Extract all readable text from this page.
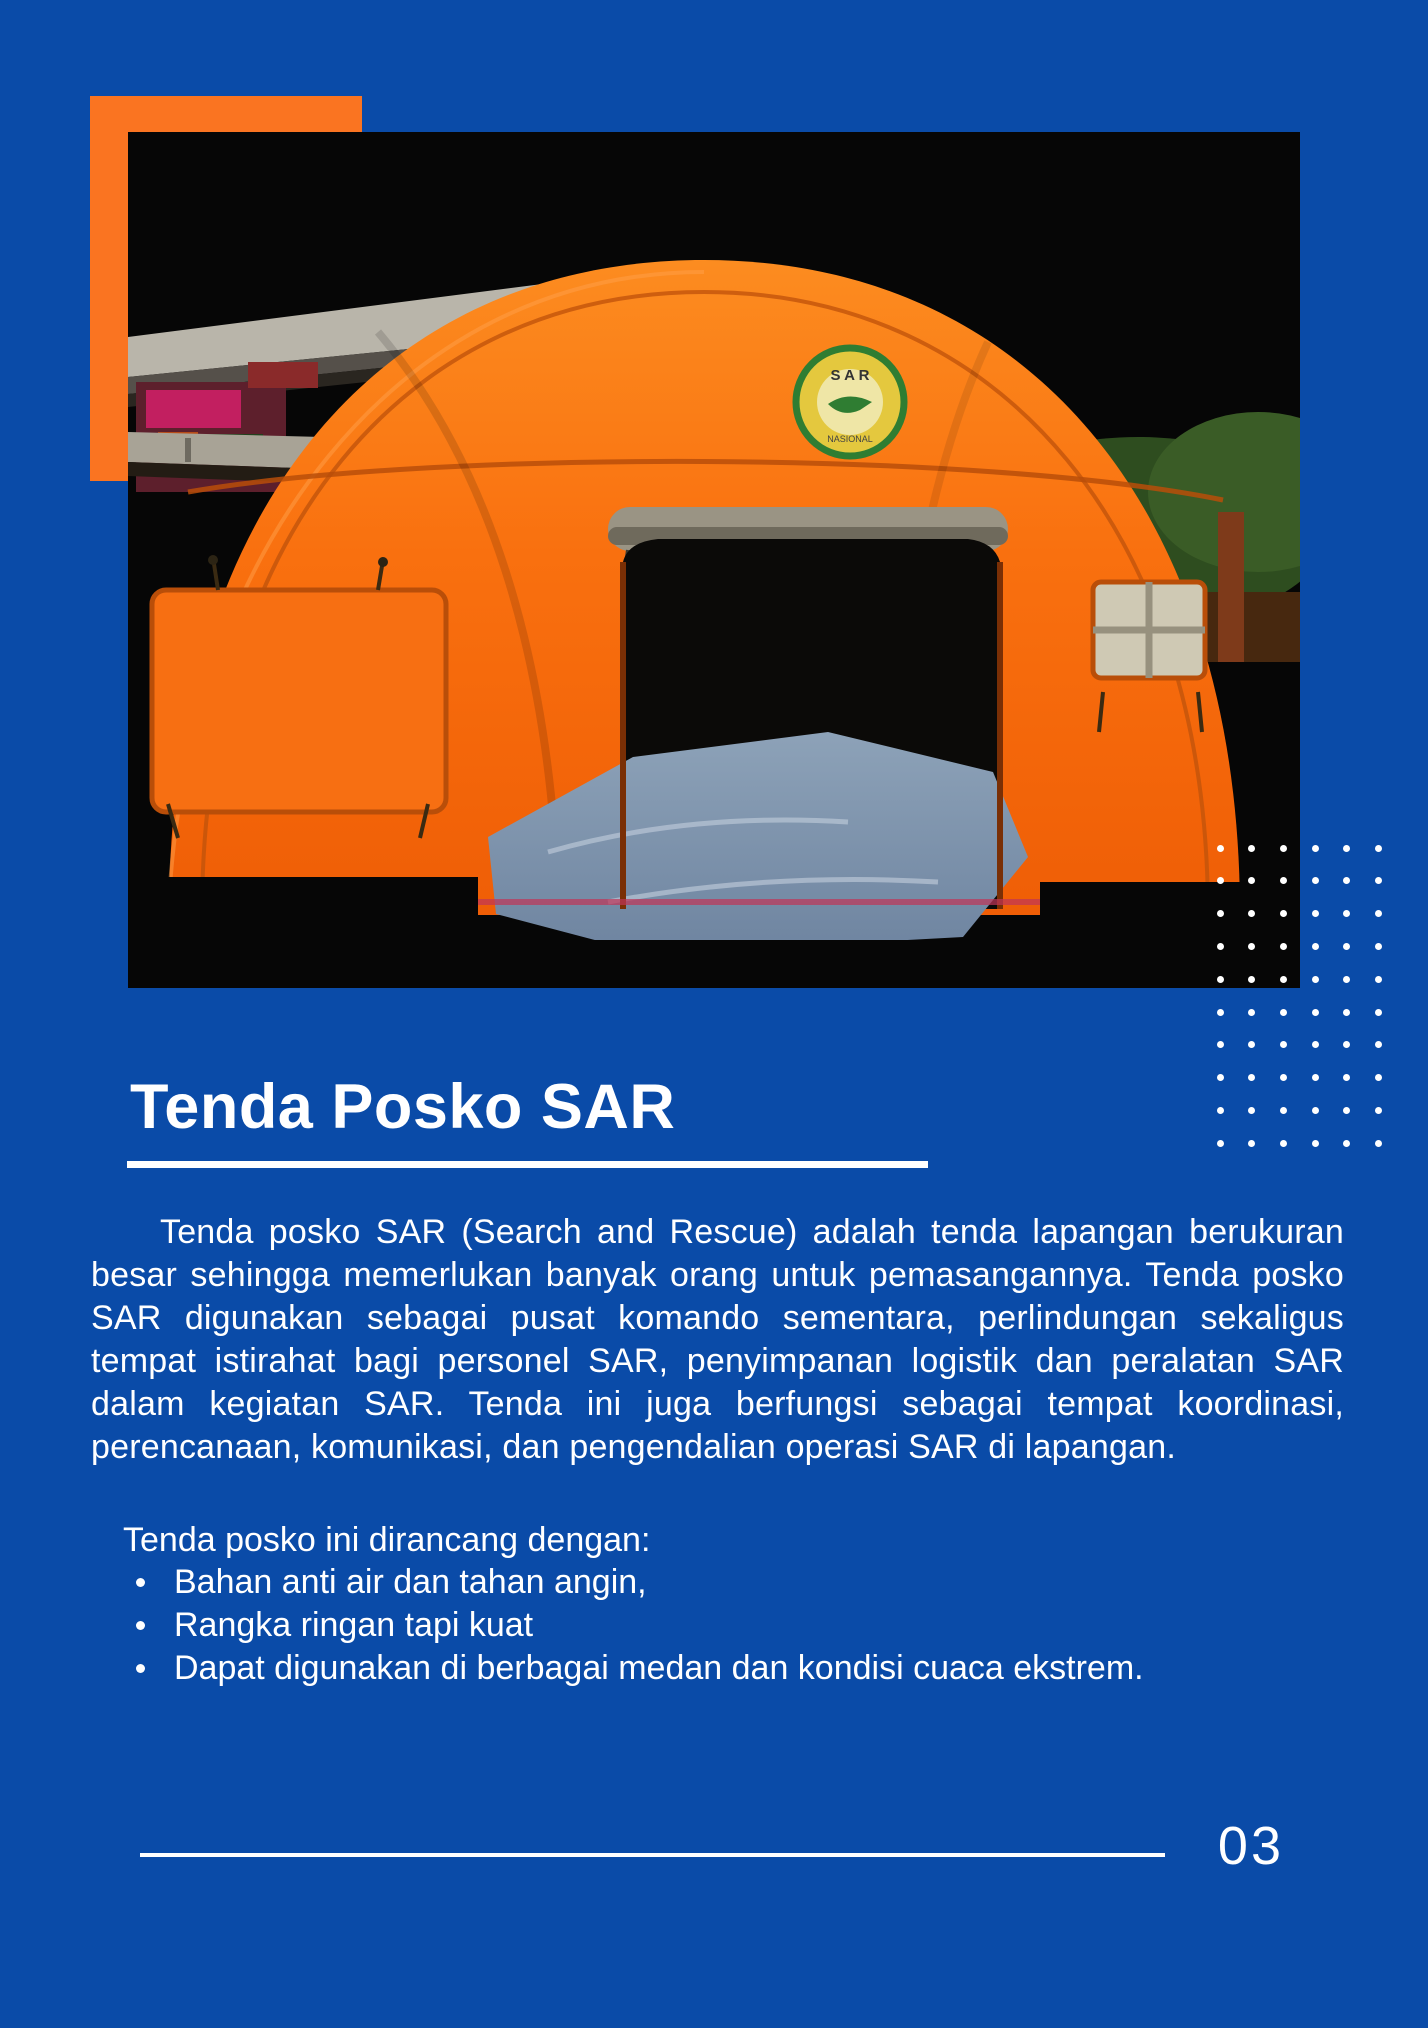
S A R
NASIONAL
Tenda Posko SAR
Tenda posko SAR (Search and Rescue) adalah tenda lapangan berukuran besar sehingga memerlukan banyak orang untuk pemasangannya. Tenda posko SAR digunakan sebagai pusat komando sementara, perlindungan sekaligus tempat istirahat bagi personel SAR, penyimpanan logistik dan peralatan SAR dalam kegiatan SAR. Tenda ini juga berfungsi sebagai tempat koordinasi, perencanaan, komunikasi, dan pengendalian operasi SAR di lapangan.
Tenda posko ini dirancang dengan:
Bahan anti air dan tahan angin,
Rangka ringan tapi kuat
Dapat digunakan di berbagai medan dan kondisi cuaca ekstrem.
03
